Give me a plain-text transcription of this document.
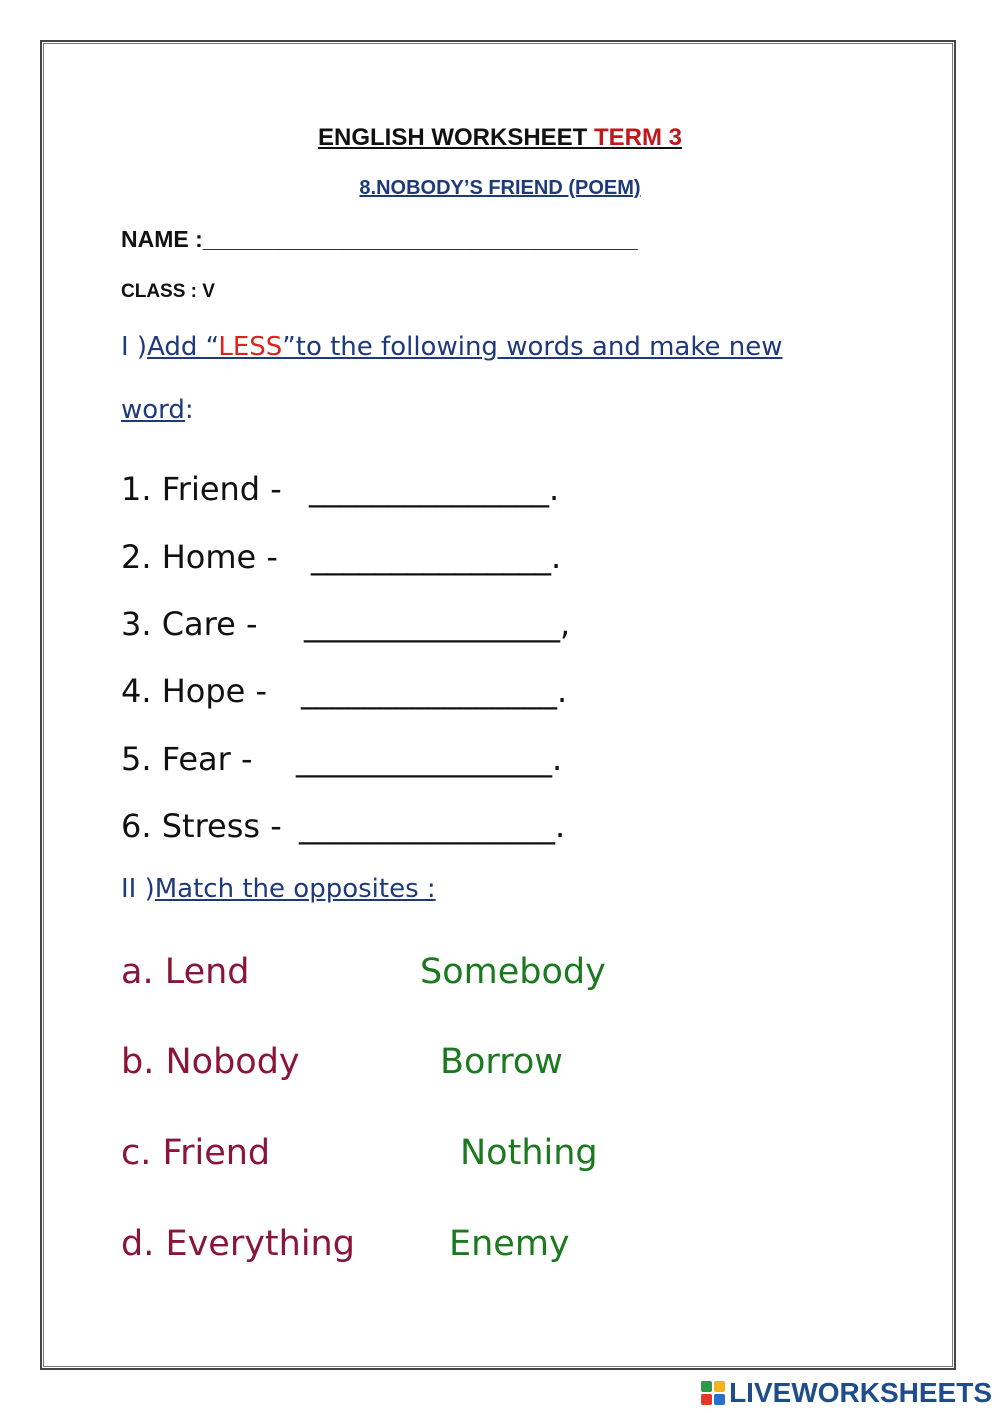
ENGLISH WORKSHEET TERM 3
8.NOBODY’S FRIEND (POEM)
NAME :__________________________________
CLASS : V
I )Add “LESS”to the following words and make new
word:
1. Friend - _______________.
2. Home - _______________.
3. Care - ________________,
4. Hope - ________________.
5. Fear - ________________.
6. Stress - ________________.
II )Match the opposites :
a. Lend	Somebody
b. Nobody	Borrow
c. Friend	Nothing
d. Everything	Enemy
LIVEWORKSHEETS
